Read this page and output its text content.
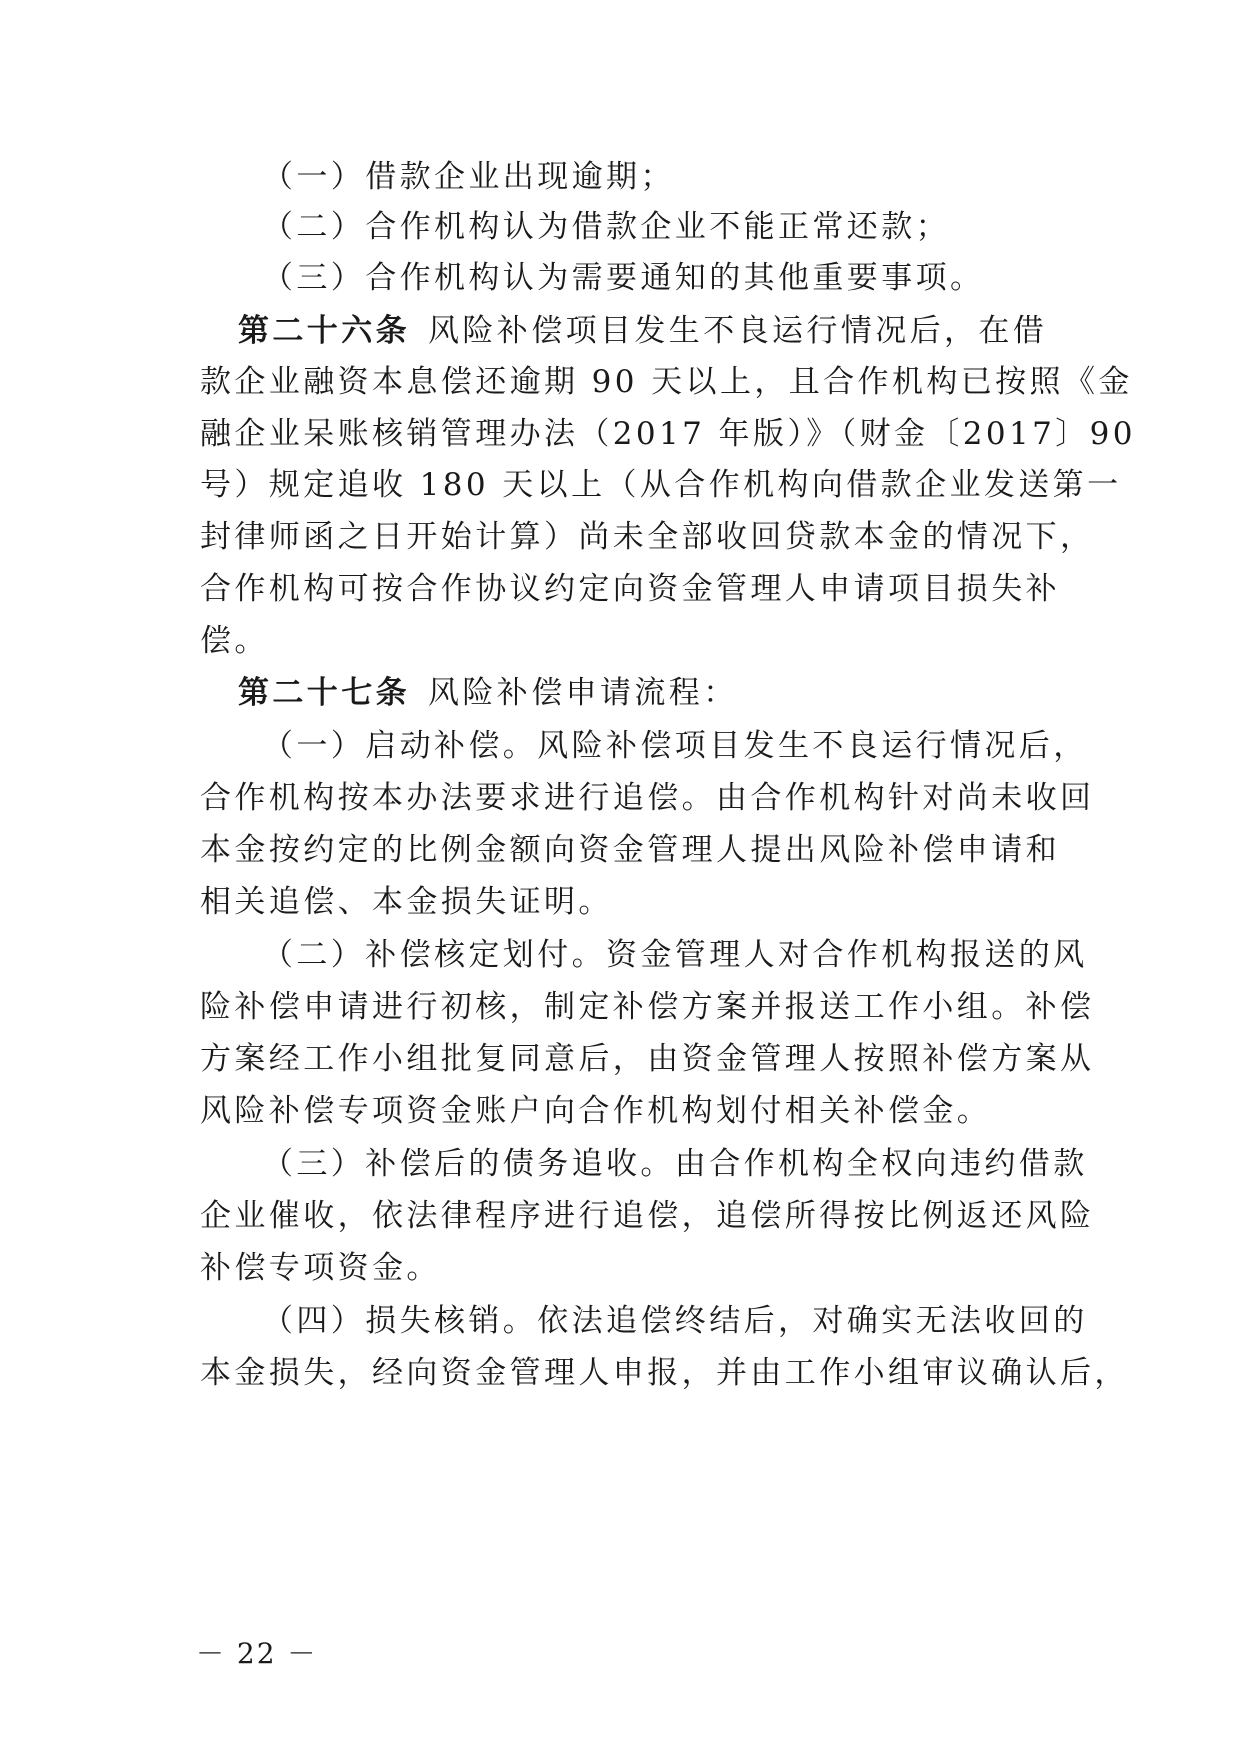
（一）借款企业出现逾期；
（二）合作机构认为借款企业不能正常还款；
（三）合作机构认为需要通知的其他重要事项。
第二十六条 风险补偿项目发生不良运行情况后，在借
款企业融资本息偿还逾期 90 天以上，且合作机构已按照《金
融企业呆账核销管理办法（2017 年版）》（财金〔2017〕90
号）规定追收 180 天以上（从合作机构向借款企业发送第一
封律师函之日开始计算）尚未全部收回贷款本金的情况下，
合作机构可按合作协议约定向资金管理人申请项目损失补
偿。
第二十七条 风险补偿申请流程：
（一）启动补偿。风险补偿项目发生不良运行情况后，
合作机构按本办法要求进行追偿。由合作机构针对尚未收回
本金按约定的比例金额向资金管理人提出风险补偿申请和
相关追偿、本金损失证明。
（二）补偿核定划付。资金管理人对合作机构报送的风
险补偿申请进行初核，制定补偿方案并报送工作小组。补偿
方案经工作小组批复同意后，由资金管理人按照补偿方案从
风险补偿专项资金账户向合作机构划付相关补偿金。
（三）补偿后的债务追收。由合作机构全权向违约借款
企业催收，依法律程序进行追偿，追偿所得按比例返还风险
补偿专项资金。
（四）损失核销。依法追偿终结后，对确实无法收回的
本金损失，经向资金管理人申报，并由工作小组审议确认后，
－ 22 －
